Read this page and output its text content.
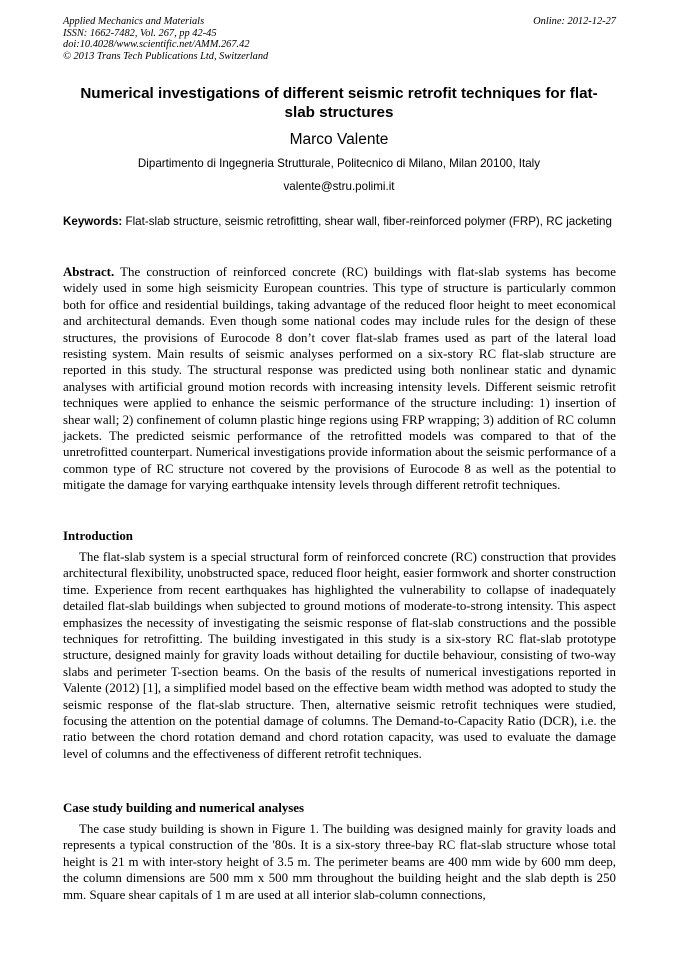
Applied Mechanics and Materials
ISSN: 1662-7482, Vol. 267, pp 42-45
doi:10.4028/www.scientific.net/AMM.267.42
© 2013 Trans Tech Publications Ltd, Switzerland
Online: 2012-12-27
Numerical investigations of different seismic retrofit techniques for flat-slab structures
Marco Valente
Dipartimento di Ingegneria Strutturale, Politecnico di Milano, Milan 20100, Italy
valente@stru.polimi.it
Keywords: Flat-slab structure, seismic retrofitting, shear wall, fiber-reinforced polymer (FRP), RC jacketing
Abstract. The construction of reinforced concrete (RC) buildings with flat-slab systems has become widely used in some high seismicity European countries. This type of structure is particularly common both for office and residential buildings, taking advantage of the reduced floor height to meet economical and architectural demands. Even though some national codes may include rules for the design of these structures, the provisions of Eurocode 8 don’t cover flat-slab frames used as part of the lateral load resisting system. Main results of seismic analyses performed on a six-story RC flat-slab structure are reported in this study. The structural response was predicted using both nonlinear static and dynamic analyses with artificial ground motion records with increasing intensity levels. Different seismic retrofit techniques were applied to enhance the seismic performance of the structure including: 1) insertion of shear wall; 2) confinement of column plastic hinge regions using FRP wrapping; 3) addition of RC column jackets. The predicted seismic performance of the retrofitted models was compared to that of the unretrofitted counterpart. Numerical investigations provide information about the seismic performance of a common type of RC structure not covered by the provisions of Eurocode 8 as well as the potential to mitigate the damage for varying earthquake intensity levels through different retrofit techniques.
Introduction
The flat-slab system is a special structural form of reinforced concrete (RC) construction that provides architectural flexibility, unobstructed space, reduced floor height, easier formwork and shorter construction time. Experience from recent earthquakes has highlighted the vulnerability to collapse of inadequately detailed flat-slab buildings when subjected to ground motions of moderate-to-strong intensity. This aspect emphasizes the necessity of investigating the seismic response of flat-slab constructions and the possible techniques for retrofitting. The building investigated in this study is a six-story RC flat-slab prototype structure, designed mainly for gravity loads without detailing for ductile behaviour, consisting of two-way slabs and perimeter T-section beams. On the basis of the results of numerical investigations reported in Valente (2012) [1], a simplified model based on the effective beam width method was adopted to study the seismic response of the flat-slab structure. Then, alternative seismic retrofit techniques were studied, focusing the attention on the potential damage of columns. The Demand-to-Capacity Ratio (DCR), i.e. the ratio between the chord rotation demand and chord rotation capacity, was used to evaluate the damage level of columns and the effectiveness of different retrofit techniques.
Case study building and numerical analyses
The case study building is shown in Figure 1. The building was designed mainly for gravity loads and represents a typical construction of the '80s. It is a six-story three-bay RC flat-slab structure whose total height is 21 m with inter-story height of 3.5 m. The perimeter beams are 400 mm wide by 600 mm deep, the column dimensions are 500 mm x 500 mm throughout the building height and the slab depth is 250 mm. Square shear capitals of 1 m are used at all interior slab-column connections,
